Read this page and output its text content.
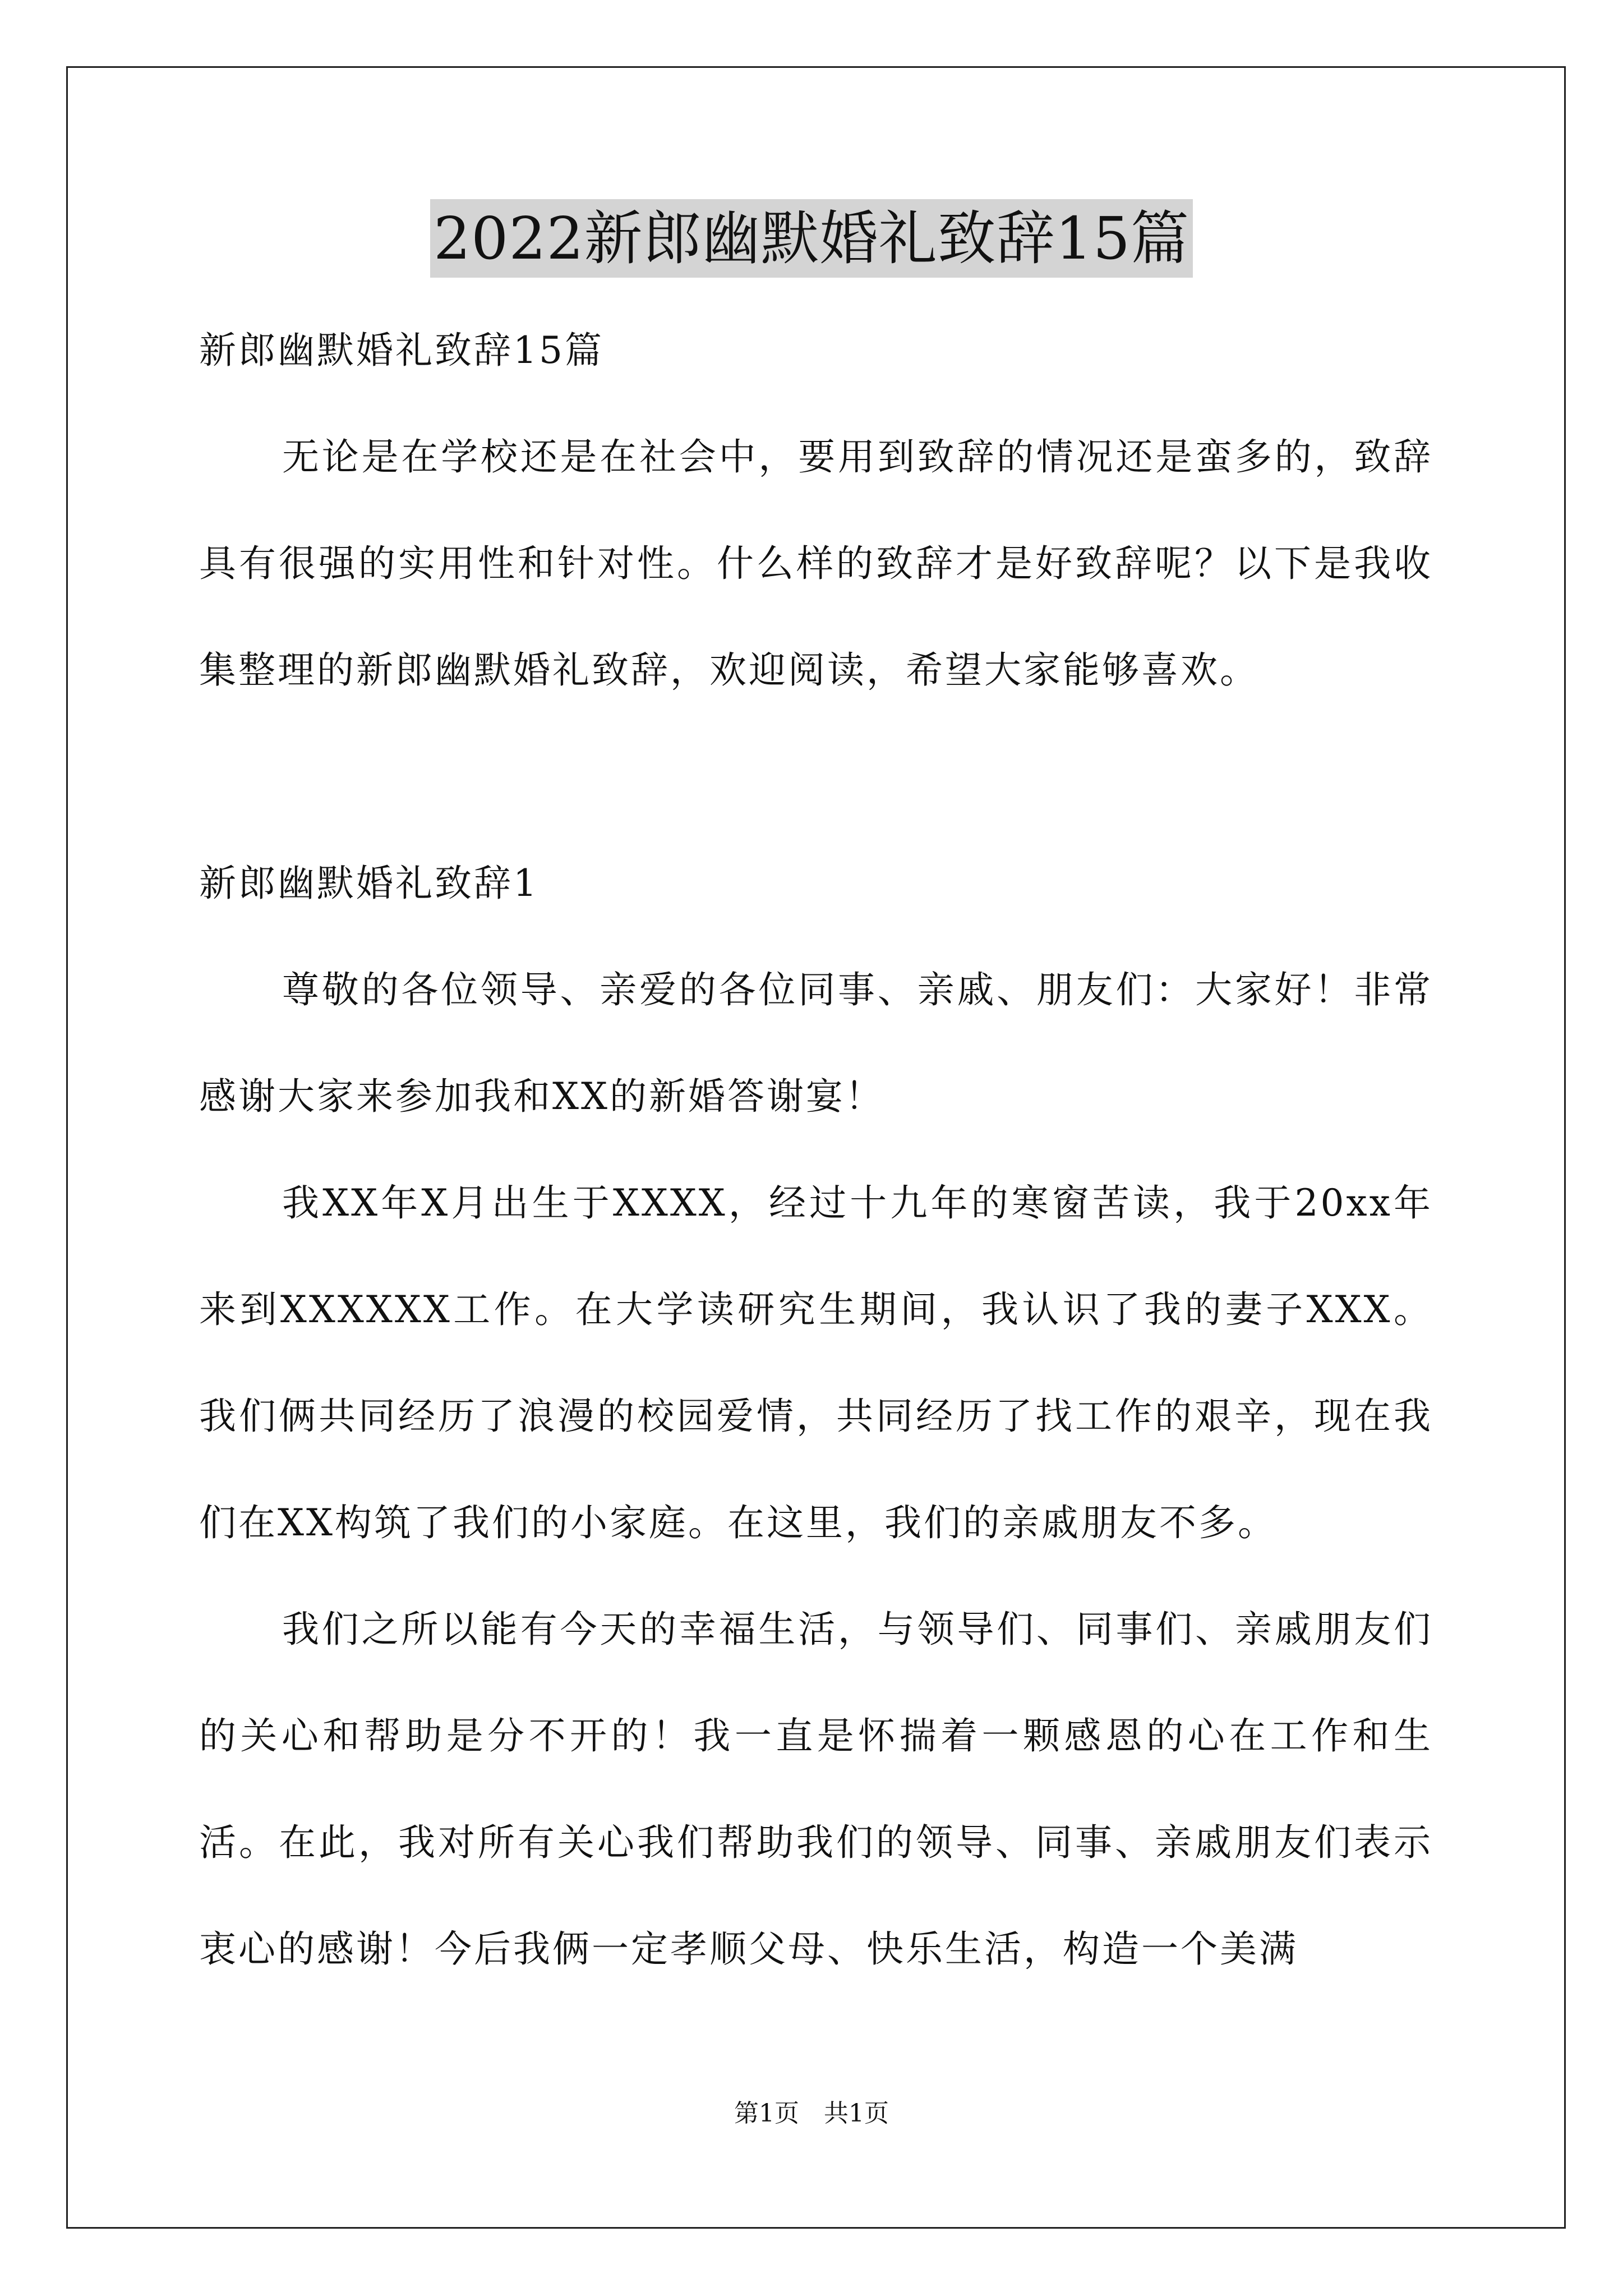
2022新郎幽默婚礼致辞15篇

新郎幽默婚礼致辞15篇

无论是在学校还是在社会中，要用到致辞的情况还是蛮多的，致辞具有很强的实用性和针对性。什么样的致辞才是好致辞呢？以下是我收集整理的新郎幽默婚礼致辞，欢迎阅读，希望大家能够喜欢。

新郎幽默婚礼致辞1

尊敬的各位领导、亲爱的各位同事、亲戚、朋友们：大家好！非常感谢大家来参加我和XX的新婚答谢宴！

我XX年X月出生于XXXX，经过十九年的寒窗苦读，我于20xx年来到XXXXXX工作。在大学读研究生期间，我认识了我的妻子XXX。我们俩共同经历了浪漫的校园爱情，共同经历了找工作的艰辛，现在我们在XX构筑了我们的小家庭。在这里，我们的亲戚朋友不多。

我们之所以能有今天的幸福生活，与领导们、同事们、亲戚朋友们的关心和帮助是分不开的！我一直是怀揣着一颗感恩的心在工作和生活。在此，我对所有关心我们帮助我们的领导、同事、亲戚朋友们表示衷心的感谢！今后我俩一定孝顺父母、快乐生活，构造一个美满

第1页 共1页
